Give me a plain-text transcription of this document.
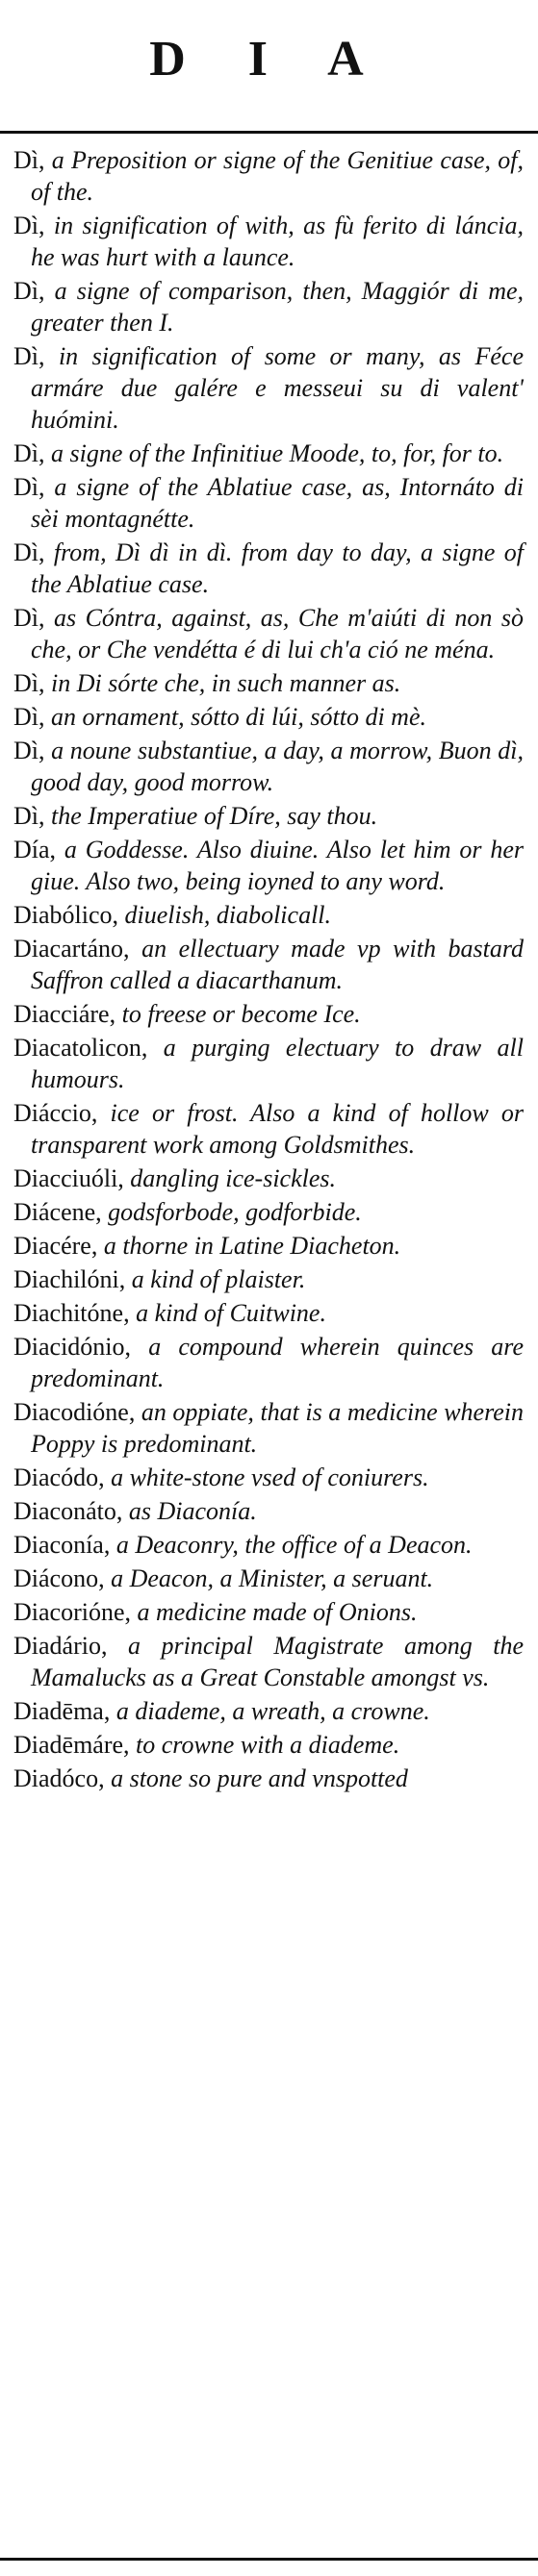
D I A
Dì, a Preposition or signe of the Genitiue case, of, of the.
Dì, in signification of with, as fù ferito di láncia, he was hurt with a launce.
Dì, a signe of comparison, then, Maggiór di me, greater then I.
Dì, in signification of some or many, as Féce armáre due galére e messeui su di valent' huómini.
Dì, a signe of the Infinitiue Moode, to, for, for to.
Dì, a signe of the Ablatiue case, as, Intornáto di sèi montagnétte.
Dì, from, Dì dì in dì. from day to day, a signe of the Ablatiue case.
Dì, as Cóntra, against, as, Che m'aiúti di non sò che, or Che vendétta é di lui ch'a ció ne ména.
Dì, in Di sórte che, in such manner as.
Dì, an ornament, sótto di lúi, sótto di mè.
Dì, a noune substantiue, a day, a morrow, Buon dì, good day, good morrow.
Dì, the Imperatiue of Díre, say thou.
Día, a Goddesse. Also diuine. Also let him or her giue. Also two, being ioyned to any word.
Diabólico, diuelish, diabolicall.
Diacartáno, an ellectuary made vp with bastard Saffron called a diacarthanum.
Diacciáre, to freese or become Ice.
Diacatolicon, a purging electuary to draw all humours.
Diáccio, ice or frost. Also a kind of hollow or transparent work among Goldsmithes.
Diacciuóli, dangling ice-sickles.
Diácene, godsforbode, godforbide.
Diacére, a thorne in Latine Diacheton.
Diachilóni, a kind of plaister.
Diachitóne, a kind of Cuitwine.
Diacidónio, a compound wherein quinces are predominant.
Diacodióne, an oppiate, that is a medicine wherein Poppy is predominant.
Diacódo, a white-stone vsed of coniurers.
Diaconáto, as Diaconía.
Diaconía, a Deaconry, the office of a Deacon.
Diácono, a Deacon, a Minister, a seruant.
Diacorióne, a medicine made of Onions.
Diadário, a principal Magistrate among the Mamalucks as a Great Constable amongst vs.
Diadēma, a diademe, a wreath, a crowne.
Diadēmáre, to crowne with a diademe.
Diadóco, a stone so pure and vnspotted
